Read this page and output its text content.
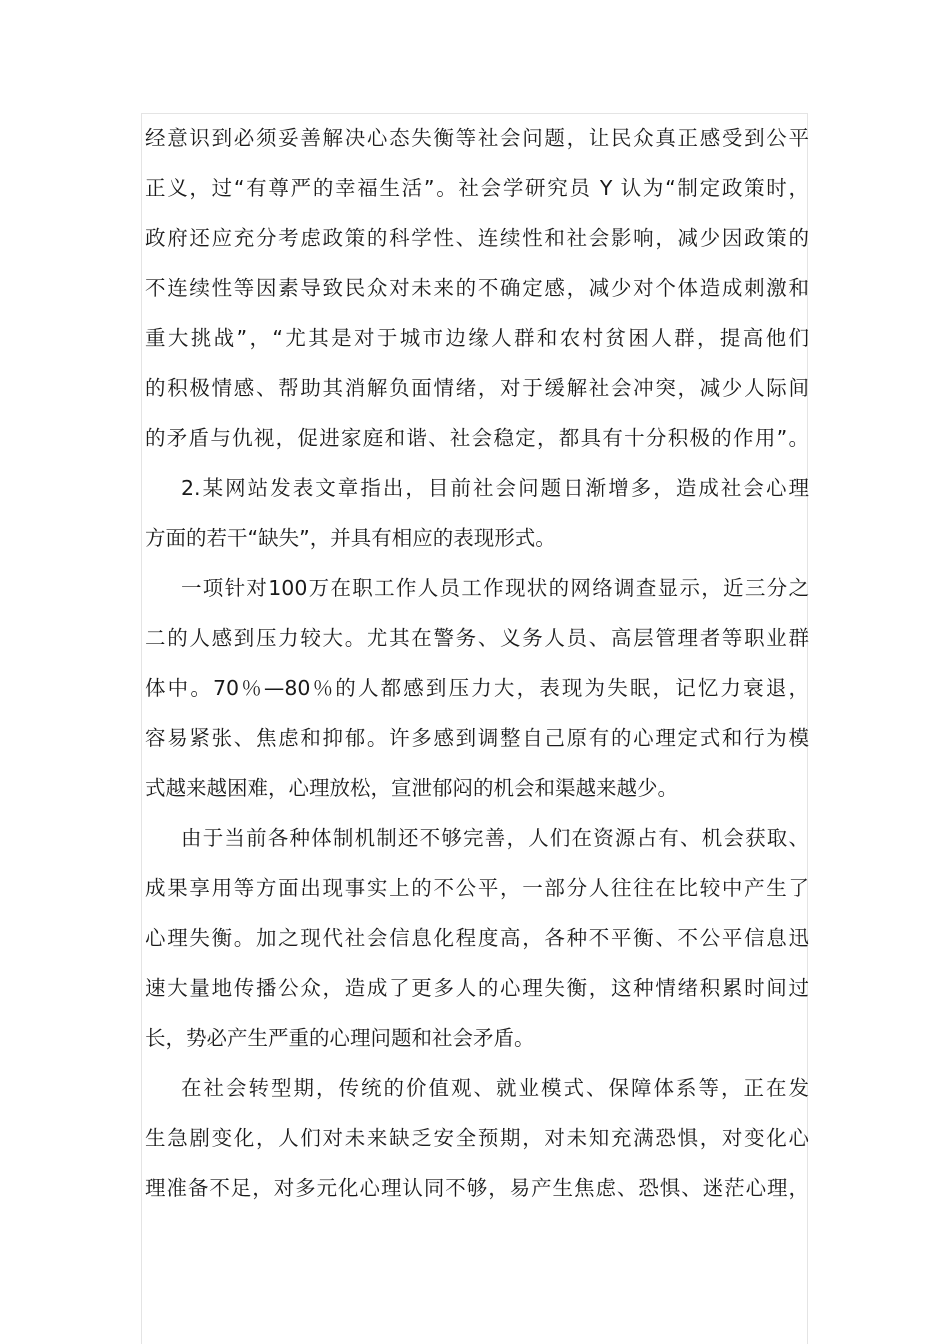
经意识到必须妥善解决心态失衡等社会问题，让民众真正感受到公平
正义，过“有尊严的幸福生活”。社会学研究员 Y 认为“制定政策时，
政府还应充分考虑政策的科学性、连续性和社会影响，减少因政策的
不连续性等因素导致民众对未来的不确定感，减少对个体造成刺激和
重大挑战”，“尤其是对于城市边缘人群和农村贫困人群，提高他们
的积极情感、帮助其消解负面情绪，对于缓解社会冲突，减少人际间
的矛盾与仇视，促进家庭和谐、社会稳定，都具有十分积极的作用”。
2.某网站发表文章指出，目前社会问题日渐增多，造成社会心理
方面的若干“缺失”，并具有相应的表现形式。
一项针对100万在职工作人员工作现状的网络调查显示，近三分之
二的人感到压力较大。尤其在警务、义务人员、高层管理者等职业群
体中。70％—80％的人都感到压力大，表现为失眠，记忆力衰退，
容易紧张、焦虑和抑郁。许多感到调整自己原有的心理定式和行为模
式越来越困难，心理放松，宣泄郁闷的机会和渠越来越少。
由于当前各种体制机制还不够完善，人们在资源占有、机会获取、
成果享用等方面出现事实上的不公平，一部分人往往在比较中产生了
心理失衡。加之现代社会信息化程度高，各种不平衡、不公平信息迅
速大量地传播公众，造成了更多人的心理失衡，这种情绪积累时间过
长，势必产生严重的心理问题和社会矛盾。
在社会转型期，传统的价值观、就业模式、保障体系等，正在发
生急剧变化，人们对未来缺乏安全预期，对未知充满恐惧，对变化心
理准备不足，对多元化心理认同不够，易产生焦虑、恐惧、迷茫心理，
